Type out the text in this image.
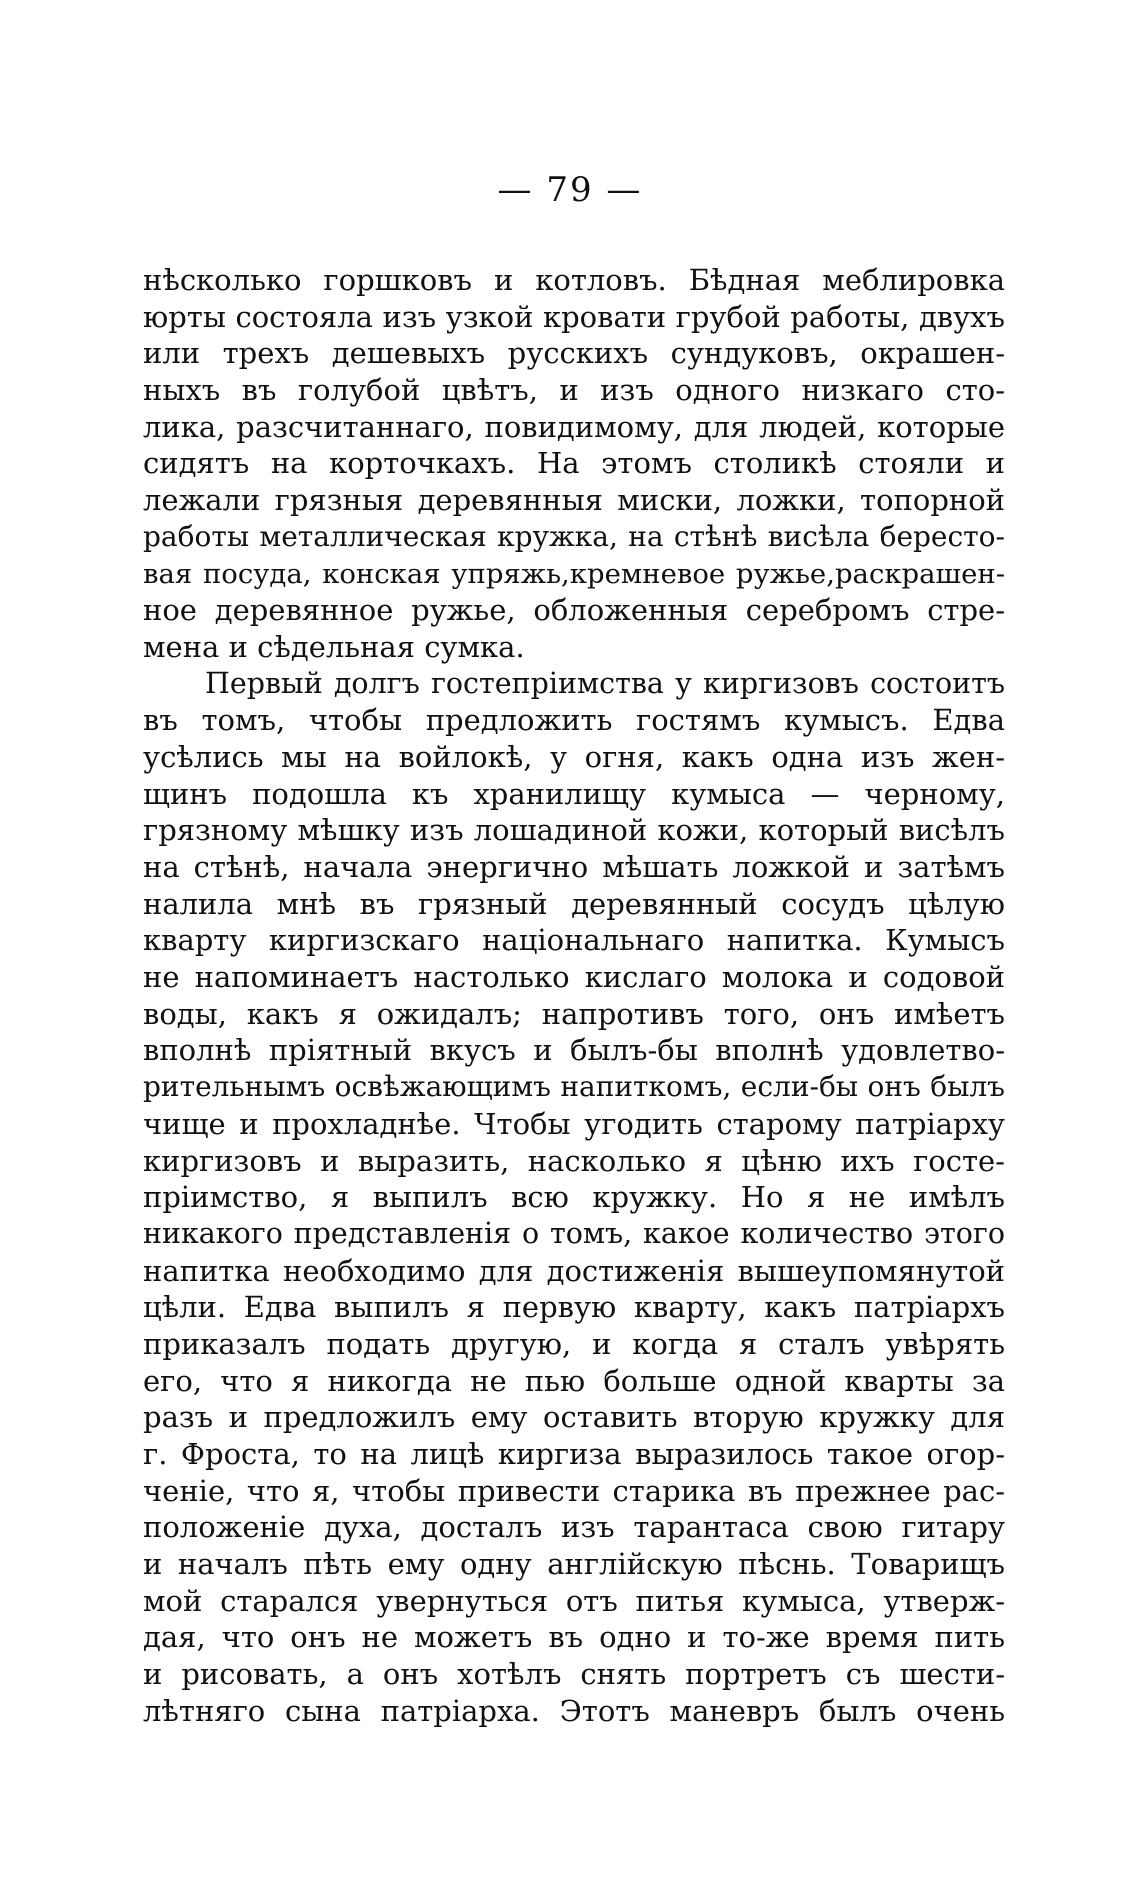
— 79 —
нѣсколько горшковъ и котловъ. Бѣдная меблировка
юрты состояла изъ узкой кровати грубой работы, двухъ
или трехъ дешевыхъ русскихъ сундуковъ, окрашен-
ныхъ въ голубой цвѣтъ, и изъ одного низкаго сто-
лика, разсчитаннаго, повидимому, для людей, которые
сидятъ на корточкахъ. На этомъ столикѣ стояли и
лежали грязныя деревянныя миски, ложки, топорной
работы металлическая кружка, на стѣнѣ висѣла бересто-
вая посуда, конская упряжь,кремневое ружье,раскрашен-
ное деревянное ружье, обложенныя серебромъ стре-
мена и сѣдельная сумка.
Первый долгъ гостепріимства у киргизовъ состоитъ
въ томъ, чтобы предложить гостямъ кумысъ. Едва
усѣлись мы на войлокѣ, у огня, какъ одна изъ жен-
щинъ подошла къ хранилищу кумыса — черному,
грязному мѣшку изъ лошадиной кожи, который висѣлъ
на стѣнѣ, начала энергично мѣшать ложкой и затѣмъ
налила мнѣ въ грязный деревянный сосудъ цѣлую
кварту киргизскаго національнаго напитка. Кумысъ
не напоминаетъ настолько кислаго молока и содовой
воды, какъ я ожидалъ; напротивъ того, онъ имѣетъ
вполнѣ пріятный вкусъ и былъ-бы вполнѣ удовлетво-
рительнымъ освѣжающимъ напиткомъ, если-бы онъ былъ
чище и прохладнѣе. Чтобы угодить старому патріарху
киргизовъ и выразить, насколько я цѣню ихъ госте-
пріимство, я выпилъ всю кружку. Но я не имѣлъ
никакого представленія о томъ, какое количество этого
напитка необходимо для достиженія вышеупомянутой
цѣли. Едва выпилъ я первую кварту, какъ патріархъ
приказалъ подать другую, и когда я сталъ увѣрять
его, что я никогда не пью больше одной кварты за
разъ и предложилъ ему оставить вторую кружку для
г. Фроста, то на лицѣ киргиза выразилось такое огор-
ченіе, что я, чтобы привести старика въ прежнее рас-
положеніе духа, досталъ изъ тарантаса свою гитару
и началъ пѣть ему одну англійскую пѣснь. Товарищъ
мой старался увернуться отъ питья кумыса, утверж-
дая, что онъ не можетъ въ одно и то-же время пить
и рисовать, а онъ хотѣлъ снять портретъ съ шести-
лѣтняго сына патріарха. Этотъ маневръ былъ очень
